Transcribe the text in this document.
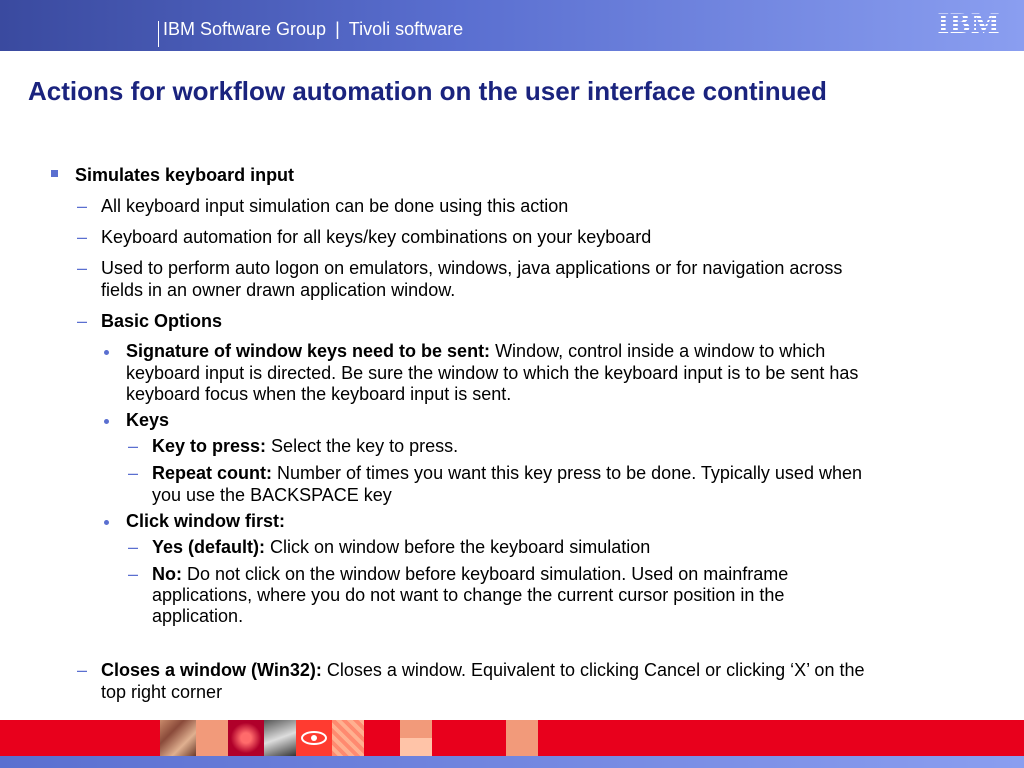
IBM Software Group | Tivoli software	IBM
Actions for workflow automation on the user interface continued
Simulates keyboard input
– All keyboard input simulation can be done using this action
– Keyboard automation for all keys/key combinations on your keyboard
– Used to perform auto logon on emulators, windows, java applications or for navigation across
fields in an owner drawn application window.
– Basic Options
Signature of window keys need to be sent: Window, control inside a window to which
keyboard input is directed. Be sure the window to which the keyboard input is to be sent has
keyboard focus when the keyboard input is sent.
Keys
– Key to press: Select the key to press.
– Repeat count: Number of times you want this key press to be done. Typically used when
you use the BACKSPACE key
Click window first:
– Yes (default): Click on window before the keyboard simulation
– No: Do not click on the window before keyboard simulation. Used on mainframe
applications, where you do not want to change the current cursor position in the
application.
– Closes a window (Win32): Closes a window. Equivalent to clicking Cancel or clicking ‘X’ on the
top right corner
